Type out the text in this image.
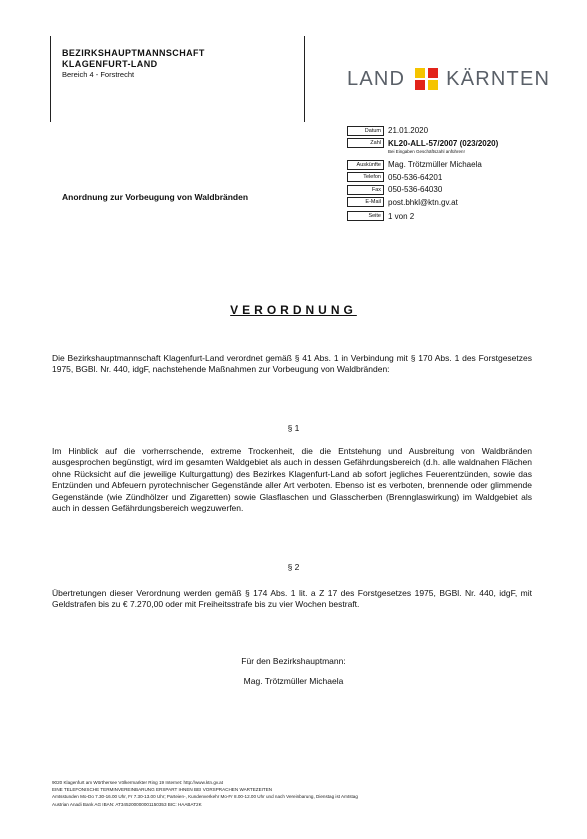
BEZIRKSHAUPTMANNSCHAFT
KLAGENFURT-LAND
Bereich 4 - Forstrecht	LAND KÄRNTEN
Datum 21.01.2020
Zahl KL20-ALL-57/2007 (023/2020)
Bei Eingaben Geschäftszahl anführen!
Auskünfte Mag. Trötzmüller Michaela
Telefon 050-536-64201
Fax 050-536-64030
E-Mail post.bhkl@ktn.gv.at
Seite 1 von 2
Anordnung zur Vorbeugung von Waldbränden
VERORDNUNG
Die Bezirkshauptmannschaft Klagenfurt-Land verordnet gemäß § 41 Abs. 1 in Verbindung mit § 170 Abs. 1 des Forstgesetzes 1975, BGBl. Nr. 440, idgF, nachstehende Maßnahmen zur Vorbeugung von Waldbränden:
§ 1
Im Hinblick auf die vorherrschende, extreme Trockenheit, die die Entstehung und Ausbreitung von Waldbränden ausgesprochen begünstigt, wird im gesamten Waldgebiet als auch in dessen Gefährdungsbereich (d.h. alle waldnahen Flächen ohne Rücksicht auf die jeweilige Kulturgattung) des Bezirkes Klagenfurt-Land ab sofort jegliches Feuerentzünden, sowie das Entzünden und Abfeuern pyrotechnischer Gegenstände aller Art verboten. Ebenso ist es verboten, brennende oder glimmende Gegenstände (wie Zündhölzer und Zigaretten) sowie Glasflaschen und Glasscherben (Brennglaswirkung) im Waldgebiet als auch in dessen Gefährdungsbereich wegzuwerfen.
§ 2
Übertretungen dieser Verordnung werden gemäß § 174 Abs. 1 lit. a Z 17 des Forstgesetzes 1975, BGBl. Nr. 440, idgF, mit Geldstrafen bis zu € 7.270,00 oder mit Freiheitsstrafe bis zu vier Wochen bestraft.
Für den Bezirkshauptmann:
Mag. Trötzmüller Michaela
9020 Klagenfurt am Wörthersee Völkermarkter Ring 19 Internet: http://www.ktn.gv.at
EINE TELEFONISCHE TERMINVEREINBARUNG ERSPART IHNEN BEI VORSPRACHEN WARTEZEITEN
Amtsstunden Mo-Do 7.30-16.00 Uhr, Fr 7.30-13.00 Uhr; Parteien-, Kundenverkehr Mo-Fr 8.00-12.00 Uhr und nach Vereinbarung, Dienstag ist Amtstag
Austrian Anadi Bank AG IBAN: AT345200000001150353 BIC: HAABAT2K
